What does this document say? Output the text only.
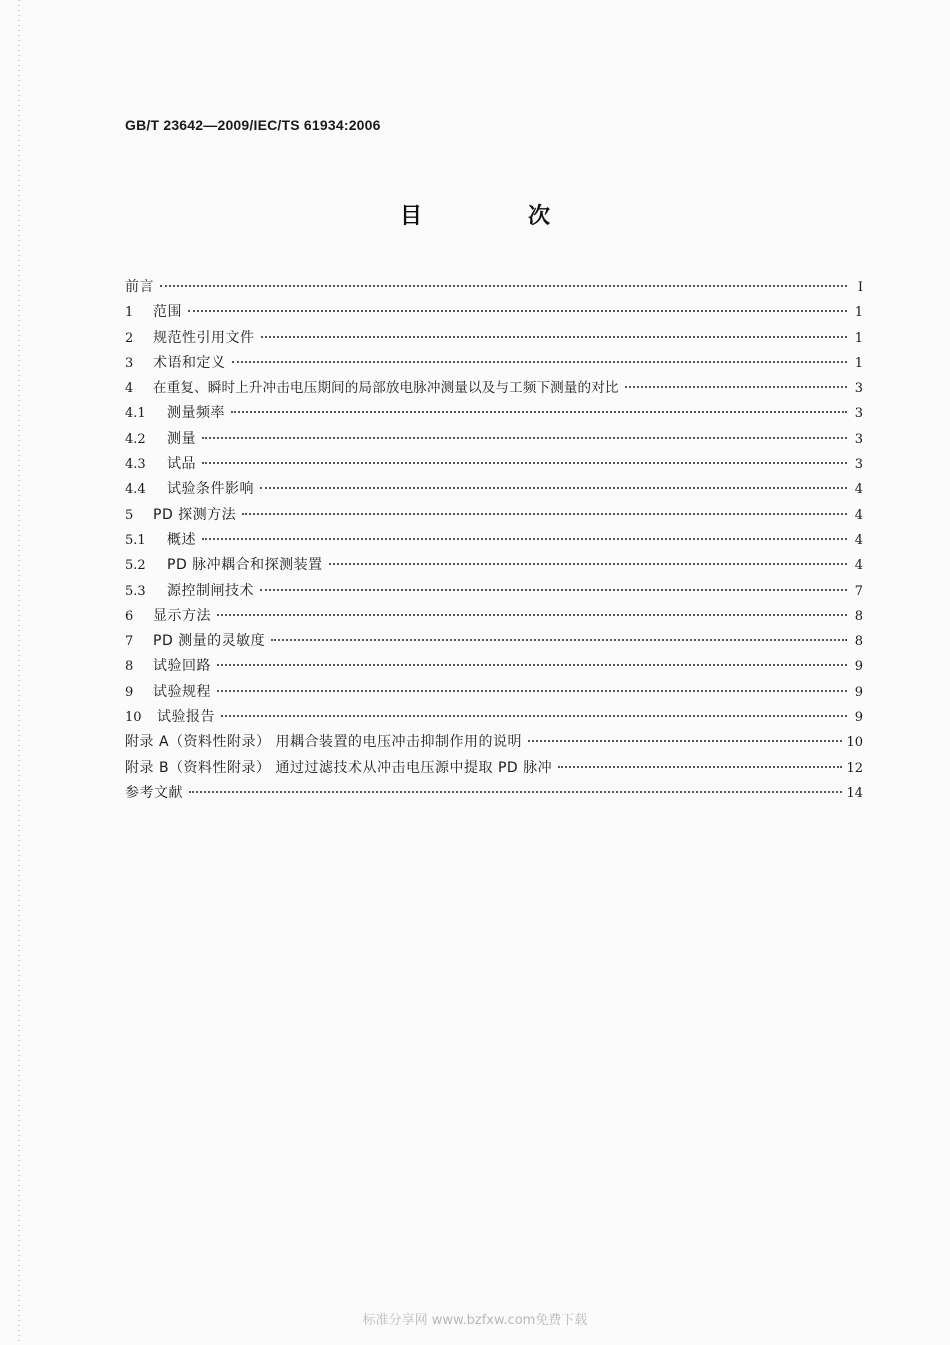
GB/T 23642—2009/IEC/TS 61934:2006
目　次
前言	Ⅰ
1	范围	1
2	规范性引用文件	1
3	术语和定义	1
4	在重复、瞬时上升冲击电压期间的局部放电脉冲测量以及与工频下测量的对比	3
4.1	测量频率	3
4.2	测量	3
4.3	试品	3
4.4	试验条件影响	4
5	PD 探测方法	4
5.1	概述	4
5.2	PD 脉冲耦合和探测装置	4
5.3	源控制闸技术	7
6	显示方法	8
7	PD 测量的灵敏度	8
8	试验回路	9
9	试验规程	9
10	试验报告	9
附录 A（资料性附录） 用耦合装置的电压冲击抑制作用的说明	10
附录 B（资料性附录） 通过过滤技术从冲击电压源中提取 PD 脉冲	12
参考文献	14
标准分享网 www.bzfxw.com免费下载
